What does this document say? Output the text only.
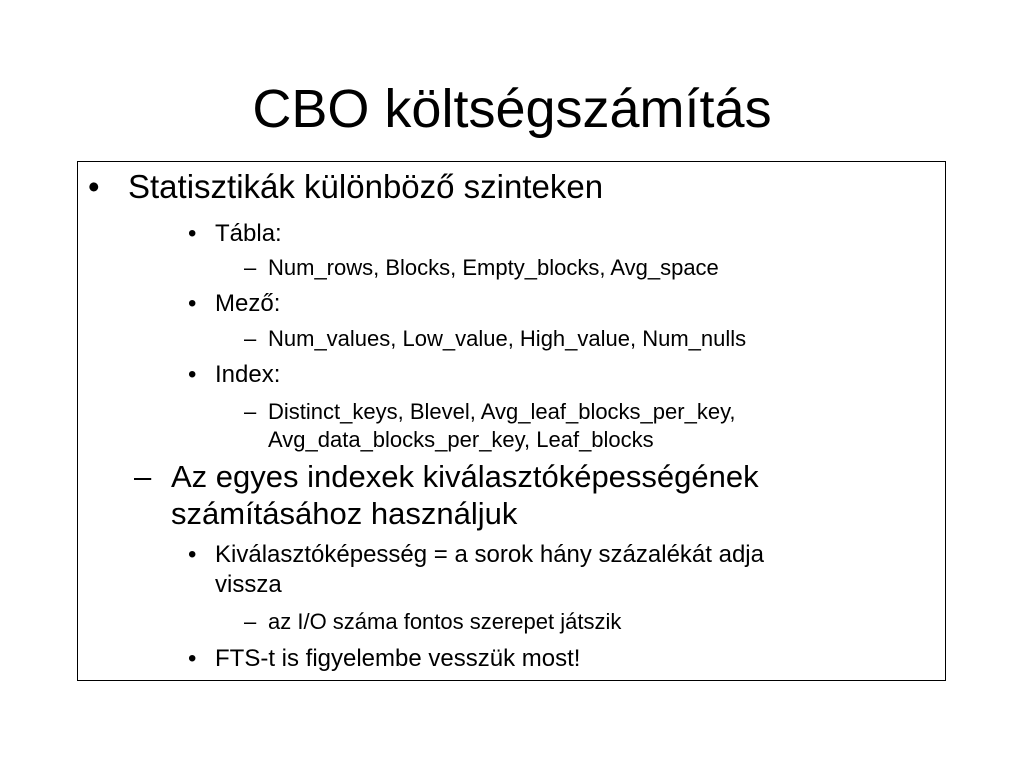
CBO költségszámítás
• Statisztikák különböző szinteken
• Tábla:
– Num_rows, Blocks, Empty_blocks, Avg_space
• Mező:
– Num_values, Low_value, High_value, Num_nulls
• Index:
– Distinct_keys, Blevel, Avg_leaf_blocks_per_key,
Avg_data_blocks_per_key, Leaf_blocks
– Az egyes indexek kiválasztóképességének
számításához használjuk
• Kiválasztóképesség = a sorok hány százalékát adja
vissza
– az I/O száma fontos szerepet játszik
• FTS-t is figyelembe vesszük most!
